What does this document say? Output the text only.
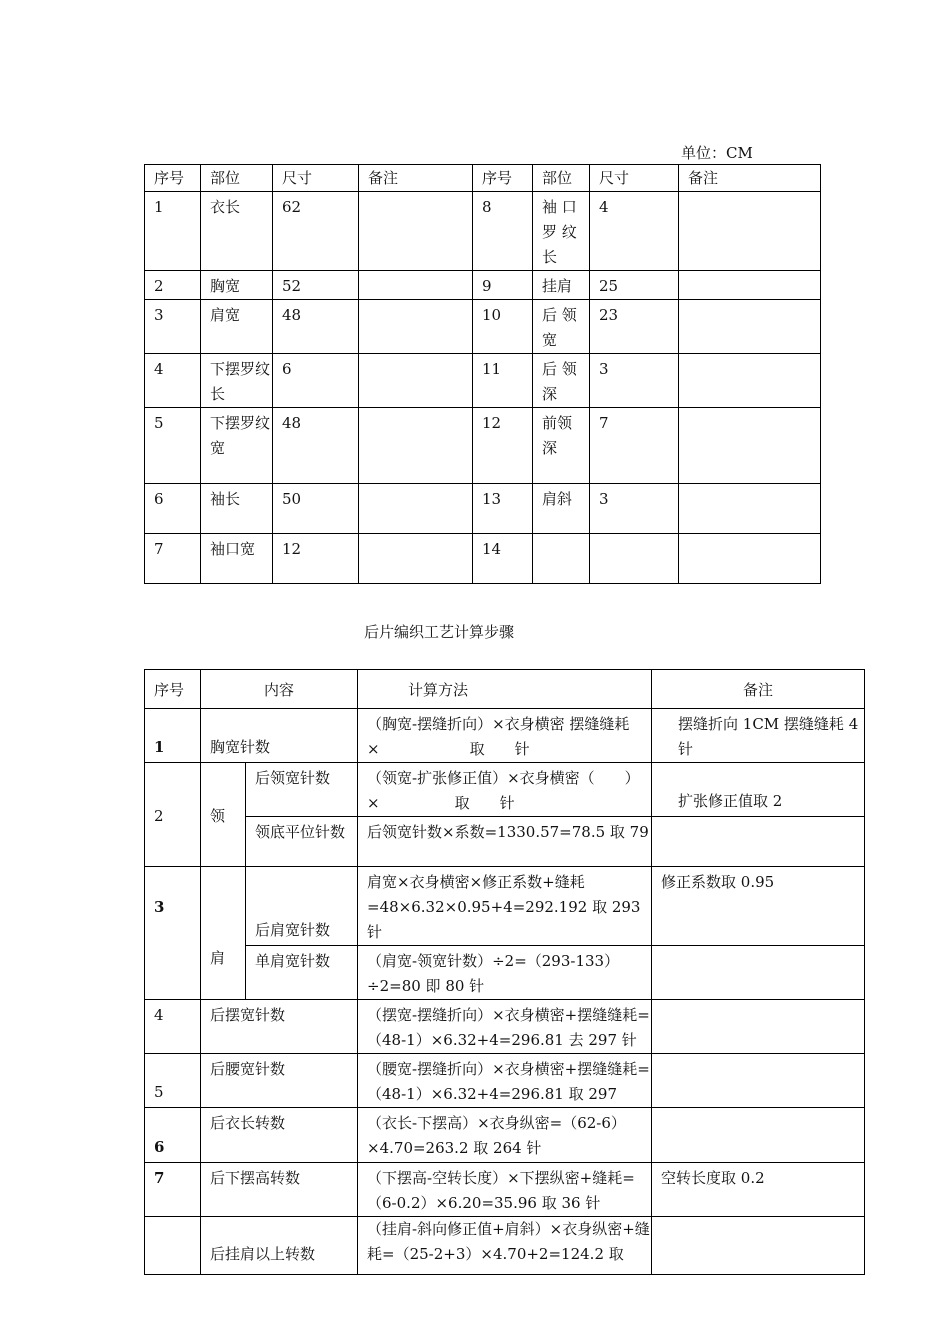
单位：CM
序号	部位	尺寸	备注	序号	部位	尺寸	备注
1	衣长	62		8	袖 口 罗 纹 长	4	
2	胸宽	52		9	挂肩	25	
3	肩宽	48		10	后 领 宽	23	
4	下摆罗纹长	6		11	后 领 深	3	
5	下摆罗纹宽	48		12	前领深	7	
6	袖长	50		13	肩斜	3	
7	袖口宽	12		14			
后片编织工艺计算步骤
序号	内容		计算方法	备注
1	胸宽针数		（胸宽-摆缝折向）×衣身横密 摆缝缝耗　　　×　　　　　　取　　针	摆缝折向 1CM 摆缝缝耗 4 针
2	领	后领宽针数	（领宽-扩张修正值）×衣身横密（　　）×　　　　　取　　针	扩张修正值取 2
		领底平位针数	后领宽针数×系数=1330.57=78.5 取 79	
3	肩	后肩宽针数	肩宽×衣身横密×修正系数+缝耗=48×6.32×0.95+4=292.192 取 293 针	修正系数取 0.95
		单肩宽针数	（肩宽-领宽针数）÷2=（293-133）÷2=80 即 80 针	
4	后摆宽针数		（摆宽-摆缝折向）×衣身横密+摆缝缝耗=（48-1）×6.32+4=296.81 去 297 针	
5	后腰宽针数		（腰宽-摆缝折向）×衣身横密+摆缝缝耗=（48-1）×6.32+4=296.81 取 297	
6	后衣长转数		（衣长-下摆高）×衣身纵密=（62-6）×4.70=263.2 取 264 针	
7	后下摆高转数		（下摆高-空转长度）×下摆纵密+缝耗=（6-0.2）×6.20=35.96 取 36 针	空转长度取 0.2
	后挂肩以上转数		（挂肩-斜向修正值+肩斜）×衣身纵密+缝耗=（25-2+3）×4.70+2=124.2 取	
